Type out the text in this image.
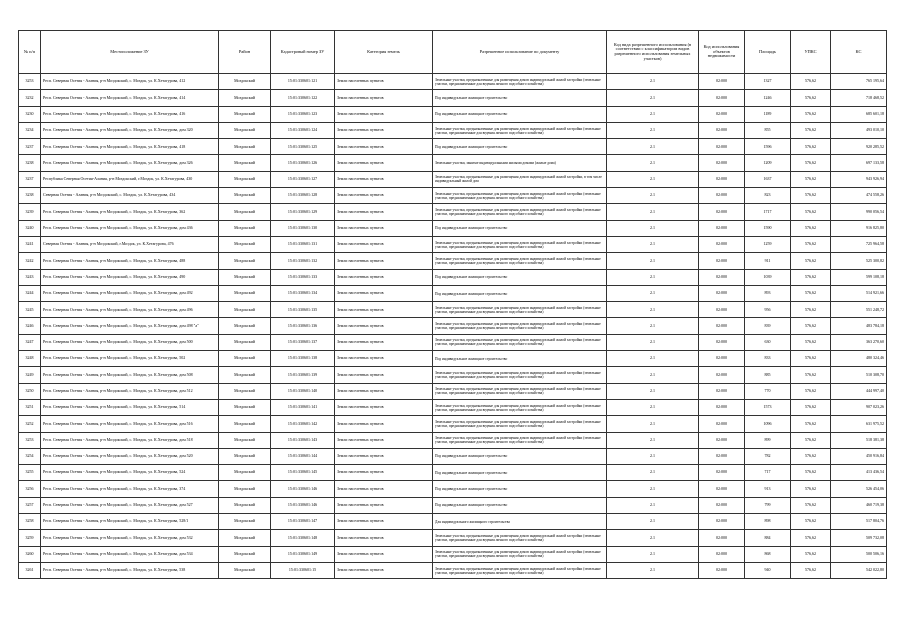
№ п/п	Местоположение ЗУ	Район	Кадастровый номер ЗУ	Категория земель	Разрешенное использование по документу	Код вида разрешенного использования (в соответствии с классификатором видов разрешенного использования земельных участков)	Код использования объектов недвижимости	Площадь	УПКС	КС
3253	Респ. Северная Осетия - Алания, р-н Моздокский, с. Моздок, ул. К.Хетагурова, 412	Моздокский	15:01:330601:121	Земли населенных пунктов	Земельные участки, предназначенные для размещения домов индивидуальной жилой застройки (земельные участки, предназначенные для ведения личного подсобного хозяйства)	2.1	02:000	1327	576,62	765 195,64
3232	Респ. Северная Осетия - Алания, р-н Моздокский, с. Моздок, ул. К.Хетагурова, 414	Моздокский	15:01:330601:122	Земли населенных пунктов	Под индивидуальное жилищное строительство	2.1	02:000	1246	576,62	718 468,52
3230	Респ. Северная Осетия - Алания, р-н Моздокский, с. Моздок, ул. К.Хетагурова, 416	Моздокский	15:01:330601:123	Земли населенных пунктов	Под индивидуальное жилищное строительство	2.1	02:000	1189	576,62	685 601,18
3234	Респ. Северная Осетия - Алания, р-н Моздокский, с. Моздок, ул. К.Хетагурова, дом 320	Моздокский	15:01:330601:124	Земли населенных пунктов	Земельные участки, предназначенные для размещения домов индивидуальной жилой застройки (земельные участки, предназначенные для ведения личного подсобного хозяйства)	2.1	02:000	855	576,62	493 010,10
3237	Респ. Северная Осетия - Алания, р-н Моздокский, с. Моздок, ул. К.Хетагурова, 418	Моздокский	15:01:330601:125	Земли населенных пунктов	Под индивидуальное жилищное строительство	2.1	02:000	1596	576,62	920 285,52
3238	Респ. Северная Осетия - Алания, р-н Моздокский, с. Моздок, ул. К.Хетагурова, дом 326	Моздокский	15:01:330601:126	Земли населенных пунктов	Земельные участки, занятые индивидуальными жилыми домами (жилые дома)	2.1	02:000	1209	576,62	697 133,58
3237	Республика Северная Осетия-Алания, р-н Моздокский, г.Моздок, ул. К.Хетагурова, 430	Моздокский	15:01:330601:127	Земли населенных пунктов	Земельные участки, предназначенные для размещения домов индивидуальной жилой застройки, в том числе индивидуальный жилой дом	2.1	02:000	1637	576,62	943 926,94
3238	Северная Осетия - Алания, р-н Моздокский, с. Моздок, ул. К.Хетагурова, 434	Моздокский	15:01:330601:128	Земли населенных пунктов	Земельные участки, предназначенные для размещения домов индивидуальной жилой застройки (земельные участки, предназначенные для ведения личного подсобного хозяйства)	2.1	02:000	823	576,62	474 558,26
3239	Респ. Северная Осетия - Алания, р-н Моздокский, с. Моздок, ул. К.Хетагурова, 362	Моздокский	15:01:330601:129	Земли населенных пунктов	Земельные участки, предназначенные для размещения домов индивидуальной жилой застройки (земельные участки, предназначенные для ведения личного подсобного хозяйства)	2.1	02:000	1717	576,62	990 056,54
3240	Респ. Северная Осетия - Алания, р-н Моздокский, с. Моздок, ул. К.Хетагурова, дом 436	Моздокский	15:01:330601:130	Земли населенных пунктов	Под индивидуальное жилищное строительство	2.1	02:000	1590	576,62	916 825,80
3241	Северная Осетия - Алания, р-н Моздокский, г.Моздок, ул. К.Хетагурова, 476	Моздокский	15:01:330601:131	Земли населенных пунктов	Земельные участки, предназначенные для размещения домов индивидуальной жилой застройки (земельные участки, предназначенные для ведения личного подсобного хозяйства)	2.1	02:000	1259	576,62	725 964,58
3242	Респ. Северная Осетия - Алания, р-н Моздокский, с. Моздок, ул. К.Хетагурова, 488	Моздокский	15:01:330601:132	Земли населенных пунктов	Земельные участки, предназначенные для размещения домов индивидуальной жилой застройки (земельные участки, предназначенные для ведения личного подсобного хозяйства)	2.1	02:000	911	576,62	525 300,82
3243	Респ. Северная Осетия - Алания, р-н Моздокский, с. Моздок, ул. К.Хетагурова, 490	Моздокский	15:01:330601:133	Земли населенных пунктов	Под индивидуальное жилищное строительство	2.1	02:000	1039	576,62	599 108,18
3244	Респ. Северная Осетия - Алания, р-н Моздокский, с. Моздок, ул. К.Хетагурова, дом 492	Моздокский	15:01:330601:134	Земли населенных пунктов	Под индивидуальное жилищное строительство	2.1	02:000	893	576,62	514 921,66
3245	Респ. Северная Осетия - Алания, р-н Моздокский, с. Моздок, ул. К.Хетагурова, дом 496	Моздокский	15:01:330601:135	Земли населенных пунктов	Земельные участки, предназначенные для размещения домов индивидуальной жилой застройки (земельные участки, предназначенные для ведения личного подсобного хозяйства)	2.1	02:000	956	576,62	551 248,72
3246	Респ. Северная Осетия - Алания, р-н Моздокский, с. Моздок, ул. К.Хетагурова, дом 498 "а"	Моздокский	15:01:330601:136	Земли населенных пунктов	Земельные участки, предназначенные для размещения домов индивидуальной жилой застройки (земельные участки, предназначенные для ведения личного подсобного хозяйства)	2.1	02:000	839	576,62	483 784,18
3247	Респ. Северная Осетия - Алания, р-н Моздокский, с. Моздок, ул. К.Хетагурова, дом 500	Моздокский	15:01:330601:137	Земли населенных пунктов	Земельные участки, предназначенные для размещения домов индивидуальной жилой застройки (земельные участки, предназначенные для ведения личного подсобного хозяйства)	2.1	02:000	630	576,62	363 270,60
3248	Респ. Северная Осетия - Алания, р-н Моздокский, с. Моздок, ул. К.Хетагурова, 502	Моздокский	15:01:330601:138	Земли населенных пунктов	Под индивидуальное жилищное строительство	2.1	02:000	833	576,62	480 324,46
3249	Респ. Северная Осетия - Алания, р-н Моздокский, с. Моздок, ул. К.Хетагурова, дом 508	Моздокский	15:01:330601:139	Земли населенных пунктов	Земельные участки, предназначенные для размещения домов индивидуальной жилой застройки (земельные участки, предназначенные для ведения личного подсобного хозяйства)	2.1	02:000	885	576,62	510 308,70
3250	Респ. Северная Осетия - Алания, р-н Моздокский, с. Моздок, ул. К.Хетагурова, дом 512	Моздокский	15:01:330601:140	Земли населенных пунктов	Земельные участки, предназначенные для размещения домов индивидуальной жилой застройки (земельные участки, предназначенные для ведения личного подсобного хозяйства)	2.1	02:000	770	576,62	444 997,40
3251	Респ. Северная Осетия - Алания, р-н Моздокский, с. Моздок, ул. К.Хетагурова, 514	Моздокский	15:01:330601:141	Земли населенных пунктов	Земельные участки, предназначенные для размещения домов индивидуальной жилой застройки (земельные участки, предназначенные для ведения личного подсобного хозяйства)	2.1	02:000	1573	576,62	907 023,26
3252	Респ. Северная Осетия - Алания, р-н Моздокский, с. Моздок, ул. К.Хетагурова, дом 516	Моздокский	15:01:330601:142	Земли населенных пунктов	Земельные участки, предназначенные для размещения домов индивидуальной жилой застройки (земельные участки, предназначенные для ведения личного подсобного хозяйства)	2.1	02:000	1096	576,62	631 975,52
3253	Респ. Северная Осетия - Алания, р-н Моздокский, с. Моздок, ул. К.Хетагурова, дом 518	Моздокский	15:01:330601:143	Земли населенных пунктов	Земельные участки, предназначенные для размещения домов индивидуальной жилой застройки (земельные участки, предназначенные для ведения личного подсобного хозяйства)	2.1	02:000	899	576,62	518 381,38
3254	Респ. Северная Осетия - Алания, р-н Моздокский, с. Моздок, ул. К.Хетагурова, дом 520	Моздокский	15:01:330601:144	Земли населенных пунктов	Под индивидуальное жилищное строительство	2.1	02:000	782	576,62	450 916,84
3255	Респ. Северная Осетия - Алания, р-н Моздокский, с. Моздок, ул. К.Хетагурова, 524	Моздокский	15:01:330601:145	Земли населенных пунктов	Под индивидуальное жилищное строительство	2.1	02:000	717	576,62	413 436,54
3256	Респ. Северная Осетия - Алания, р-н Моздокский, с. Моздок, ул. К.Хетагурова, 374	Моздокский	15:01:330601:146	Земли населенных пунктов	Под индивидуальное жилищное строительство	2.1	02:000	913	576,62	526 454,06
3257	Респ. Северная Осетия - Алания, р-н Моздокский, с. Моздок, ул. К.Хетагурова, дом 527	Моздокский	15:01:330601:146	Земли населенных пунктов	Под индивидуальное жилищное строительство	2.1	02:000	799	576,62	460 719,38
3258	Респ. Северная Осетия - Алания, р-н Моздокский, с. Моздок, ул. К.Хетагурова, 528/1	Моздокский	15:01:330601:147	Земли населенных пунктов	Для индивидуального жилищного строительства	2.1	02:000	898	576,62	517 804,76
3259	Респ. Северная Осетия - Алания, р-н Моздокский, с. Моздок, ул. К.Хетагурова, дом 532	Моздокский	15:01:330601:148	Земли населенных пунктов	Земельные участки, предназначенные для размещения домов индивидуальной жилой застройки (земельные участки, предназначенные для ведения личного подсобного хозяйства)	2.1	02:000	884	576,62	509 732,08
3260	Респ. Северная Осетия - Алания, р-н Моздокский, с. Моздок, ул. К.Хетагурова, дом 534	Моздокский	15:01:330601:149	Земли населенных пунктов	Земельные участки, предназначенные для размещения домов индивидуальной жилой застройки (земельные участки, предназначенные для ведения личного подсобного хозяйства)	2.1	02:000	868	576,62	500 506,16
3261	Респ. Северная Осетия - Алания, р-н Моздокский, с. Моздок, ул. К.Хетагурова, 538	Моздокский	15:01:330601:15	Земли населенных пунктов	Земельные участки, предназначенные для размещения домов индивидуальной жилой застройки (земельные участки, предназначенные для ведения личного подсобного хозяйства)	2.1	02:000	940	576,62	542 022,80
